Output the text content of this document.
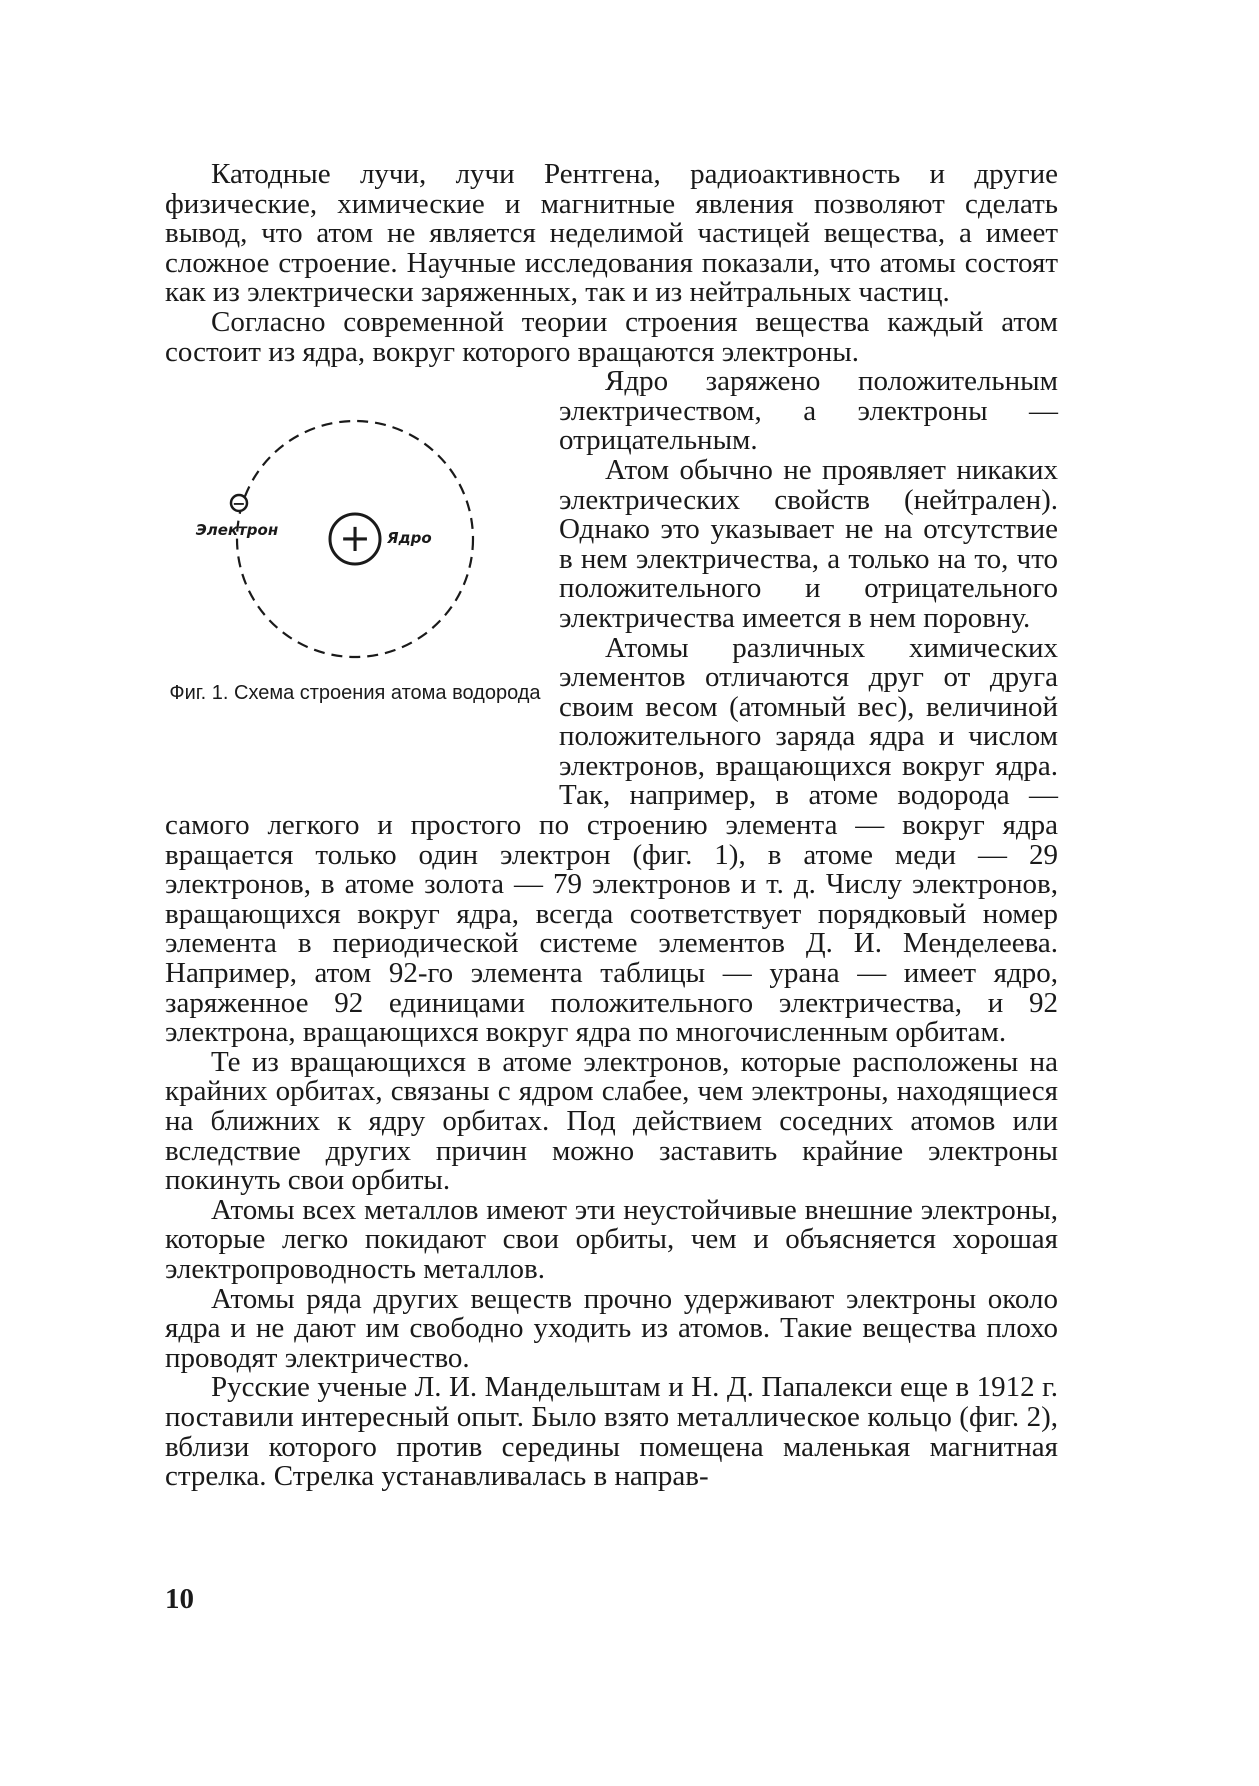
Катодные лучи, лучи Рентгена, радиоактивность и другие физические, химические и магнитные явления позволяют сделать вывод, что атом не является неделимой частицей вещества, а имеет сложное строение. Научные исследования показали, что атомы состоят как из электрически заряженных, так и из нейтральных частиц.

Согласно современной теории строения вещества каждый атом состоит из ядра, вокруг которого вращаются электроны.

+
−
Электрон	Ядро
Фиг. 1. Схема строения атома водорода

Ядро заряжено положительным электричеством, а электроны — отрицательным.

Атом обычно не проявляет никаких электрических свойств (нейтрален). Однако это указывает не на отсутствие в нем электричества, а только на то, что положительного и отрицательного электричества имеется в нем поровну.

Атомы различных химических элементов отличаются друг от друга своим весом (атомный вес), величиной положительного заряда ядра и числом электронов, вращающихся вокруг ядра. Так, например, в атоме водорода — самого легкого и простого по строению элемента — вокруг ядра вращается только один электрон (фиг. 1), в атоме меди — 29 электронов, в атоме золота — 79 электронов и т. д. Числу электронов, вращающихся вокруг ядра, всегда соответствует порядковый номер элемента в периодической системе элементов Д. И. Менделеева. Например, атом 92-го элемента таблицы — урана — имеет ядро, заряженное 92 единицами положительного электричества, и 92 электрона, вращающихся вокруг ядра по многочисленным орбитам.

Те из вращающихся в атоме электронов, которые расположены на крайних орбитах, связаны с ядром слабее, чем электроны, находящиеся на ближних к ядру орбитах. Под действием соседних атомов или вследствие других причин можно заставить крайние электроны покинуть свои орбиты.

Атомы всех металлов имеют эти неустойчивые внешние электроны, которые легко покидают свои орбиты, чем и объясняется хорошая электропроводность металлов.

Атомы ряда других веществ прочно удерживают электроны около ядра и не дают им свободно уходить из атомов. Такие вещества плохо проводят электричество.

Русские ученые Л. И. Мандельштам и Н. Д. Папалекси еще в 1912 г. поставили интересный опыт. Было взято металлическое кольцо (фиг. 2), вблизи которого против середины помещена маленькая магнитная стрелка. Стрелка устанавливалась в направ-

10
